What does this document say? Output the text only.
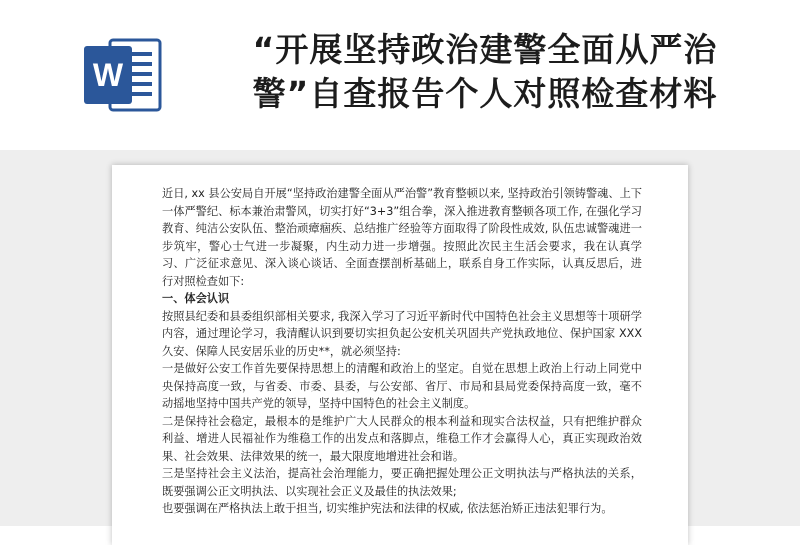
W
“开展坚持政治建警全面从严治
警”自查报告个人对照检查材料

近日, xx 县公安局自开展“坚持政治建警全面从严治警”教育整顿以来, 坚持政治引领铸警魂、上下一体严警纪、标本兼治肃警风，切实打好“3+3”组合拳，深入推进教育整顿各项工作, 在强化学习教育、纯洁公安队伍、整治顽瘴痼疾、总结推广经验等方面取得了阶段性成效, 队伍忠诚警魂进一步筑牢，警心士气进一步凝聚，内生动力进一步增强。按照此次民主生活会要求，我在认真学习、广泛征求意见、深入谈心谈话、全面查摆剖析基础上，联系自身工作实际，认真反思后，进行对照检查如下:

一、体会认识

按照县纪委和县委组织部相关要求, 我深入学习了习近平新时代中国特色社会主义思想等十项研学内容，通过理论学习，我清醒认识到要切实担负起公安机关巩固共产党执政地位、保护国家 XXX 久安、保障人民安居乐业的历史**，就必须坚持:

一是做好公安工作首先要保持思想上的清醒和政治上的坚定。自觉在思想上政治上行动上同党中央保持高度一致，与省委、市委、县委，与公安部、省厅、市局和县局党委保持高度一致，毫不动摇地坚持中国共产党的领导，坚持中国特色的社会主义制度。

二是保持社会稳定，最根本的是维护广大人民群众的根本利益和现实合法权益，只有把维护群众利益、增进人民福祉作为维稳工作的出发点和落脚点，维稳工作才会赢得人心，真正实现政治效果、社会效果、法律效果的统一，最大限度地增进社会和谐。

三是坚持社会主义法治，提高社会治理能力，要正确把握处理公正文明执法与严格执法的关系，既要强调公正文明执法、以实现社会正义及最佳的执法效果;

也要强调在严格执法上敢于担当, 切实维护宪法和法律的权威, 依法惩治矫正违法犯罪行为。
